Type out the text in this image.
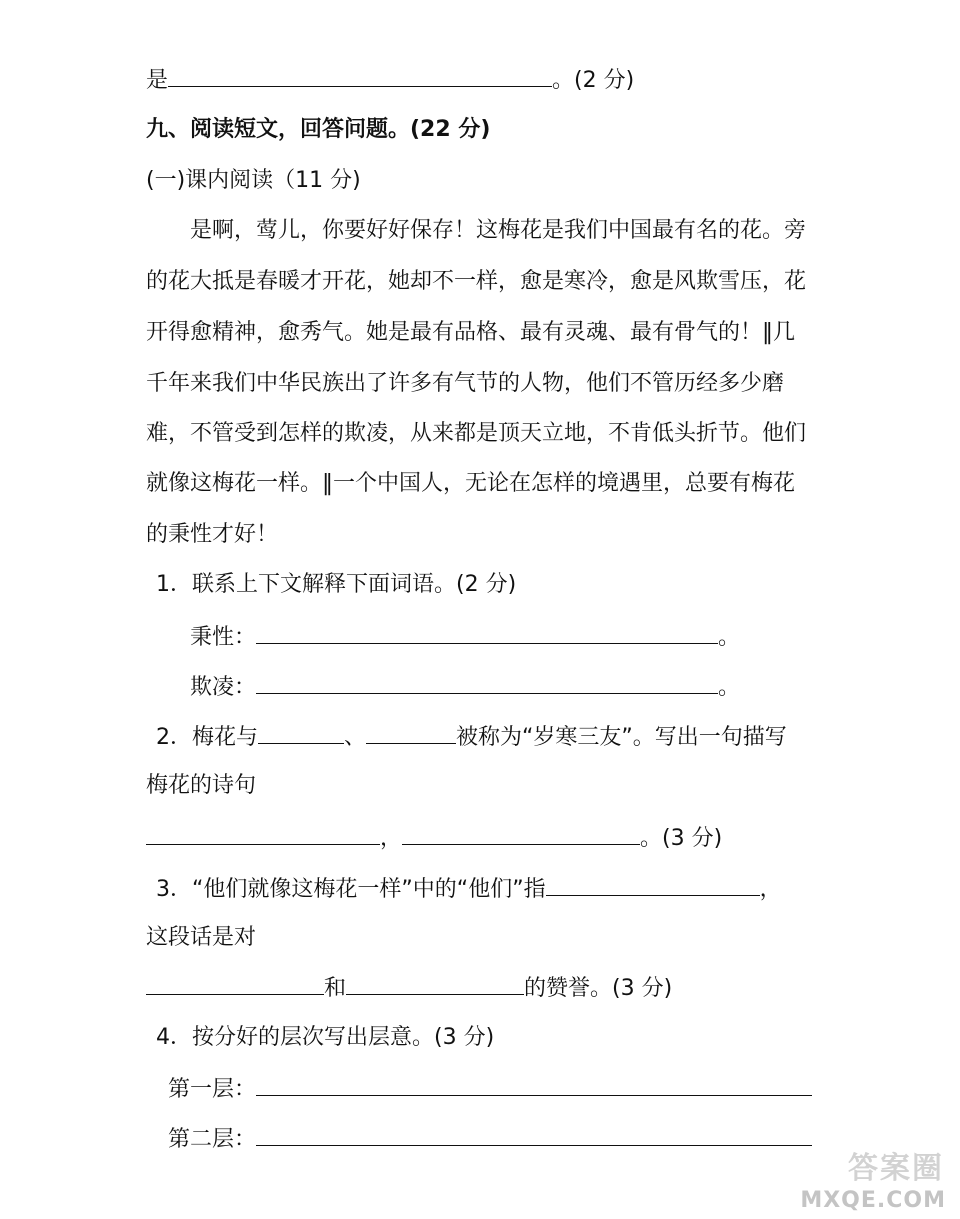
是	。(2 分)
九、阅读短文，回答问题。(22 分)
(一)课内阅读（11 分)
是啊，莺儿，你要好好保存！这梅花是我们中国最有名的花。旁
的花大抵是春暖才开花，她却不一样，愈是寒冷，愈是风欺雪压，花
开得愈精神，愈秀气。她是最有品格、最有灵魂、最有骨气的！‖几
千年来我们中华民族出了许多有气节的人物，他们不管历经多少磨
难，不管受到怎样的欺凌，从来都是顶天立地，不肯低头折节。他们
就像这梅花一样。‖一个中国人，无论在怎样的境遇里，总要有梅花
的秉性才好！
1．联系上下文解释下面词语。(2 分)
秉性：	。
欺凌：	。
2．梅花与	、	被称为“岁寒三友”。写出一句描写
梅花的诗句
，	。(3 分)
3．“他们就像这梅花一样”中的“他们”指	，
这段话是对
和	的赞誉。(3 分)
4．按分好的层次写出层意。(3 分)
第一层：
第二层：
答案圈
MXQE.COM
